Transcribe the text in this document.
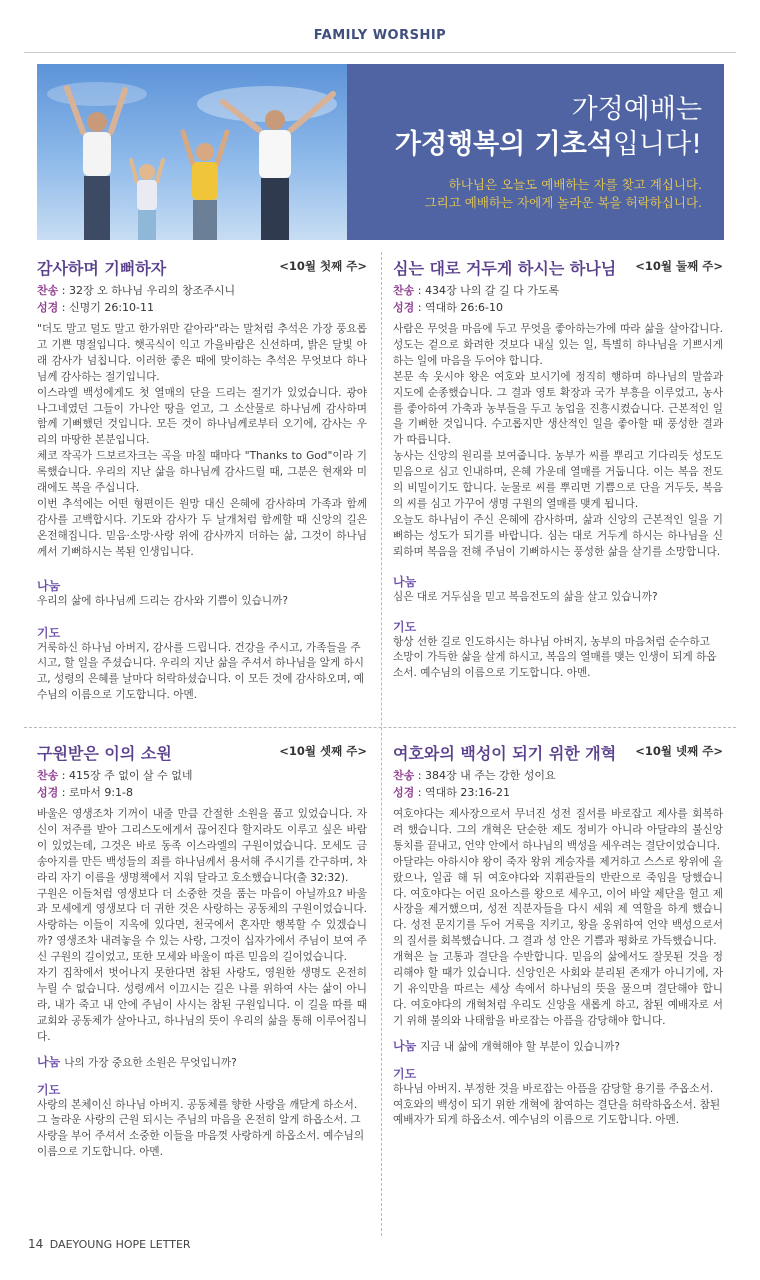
FAMILY WORSHIP
가정예배는
가정행복의 기초석입니다!
하나님은 오늘도 예배하는 자를 찾고 계십니다.
그리고 예배하는 자에게 놀라운 복을 허락하십니다.
감사하며 기뻐하자	<10월 첫째 주>
찬송 : 32장 오 하나님 우리의 창조주시니
성경 : 신명기 26:10-11

"더도 말고 덜도 말고 한가위만 같아라"라는 말처럼 추석은 가장 풍요롭고 기쁜 명절입니다. 햇곡식이 익고 가을바람은 신선하며, 밝은 달빛 아래 감사가 넘칩니다. 이러한 좋은 때에 맞이하는 추석은 무엇보다 하나님께 감사하는 절기입니다.

이스라엘 백성에게도 첫 열매의 단을 드리는 절기가 있었습니다. 광야 나그네였던 그들이 가나안 땅을 얻고, 그 소산물로 하나님께 감사하며 함께 기뻐했던 것입니다. 모든 것이 하나님께로부터 오기에, 감사는 우리의 마땅한 본분입니다.

체코 작곡가 드보르자크는 곡을 마칠 때마다 "Thanks to God"이라 기록했습니다. 우리의 지난 삶을 하나님께 감사드릴 때, 그분은 현재와 미래에도 복을 주십니다.

이번 추석에는 어떤 형편이든 원망 대신 은혜에 감사하며 가족과 함께 감사를 고백합시다. 기도와 감사가 두 날개처럼 함께할 때 신앙의 길은 온전해집니다. 믿음·소망·사랑 위에 감사까지 더하는 삶, 그것이 하나님께서 기뻐하시는 복된 인생입니다.

나눔
우리의 삶에 하나님께 드리는 감사와 기쁨이 있습니까?
기도
거룩하신 하나님 아버지, 감사를 드립니다. 건강을 주시고, 가족들을 주시고, 할 일을 주셨습니다. 우리의 지난 삶을 주셔서 하나님을 알게 하시고, 성령의 은혜를 날마다 허락하셨습니다. 이 모든 것에 감사하오며, 예수님의 이름으로 기도합니다. 아멘.
심는 대로 거두게 하시는 하나님 <10월 둘째 주>
찬송 : 434장 나의 갈 길 다 가도록
성경 : 역대하 26:6-10

사람은 무엇을 마음에 두고 무엇을 좋아하는가에 따라 삶을 살아갑니다. 성도는 겉으로 화려한 것보다 내실 있는 일, 특별히 하나님을 기쁘시게 하는 일에 마음을 두어야 합니다.

본문 속 웃시야 왕은 여호와 보시기에 정직히 행하며 하나님의 말씀과 지도에 순종했습니다. 그 결과 영토 확장과 국가 부흥을 이루었고, 농사를 좋아하여 가축과 농부들을 두고 농업을 진흥시켰습니다. 근본적인 일을 기뻐한 것입니다. 수고롭지만 생산적인 일을 좋아할 때 풍성한 결과가 따릅니다.

농사는 신앙의 원리를 보여줍니다. 농부가 씨를 뿌리고 기다리듯 성도도 믿음으로 심고 인내하며, 은혜 가운데 열매를 거둡니다. 이는 복음 전도의 비밀이기도 합니다. 눈물로 씨를 뿌리면 기쁨으로 단을 거두듯, 복음의 씨를 심고 가꾸어 생명 구원의 열매를 맺게 됩니다.

오늘도 하나님이 주신 은혜에 감사하며, 삶과 신앙의 근본적인 일을 기뻐하는 성도가 되기를 바랍니다. 심는 대로 거두게 하시는 하나님을 신뢰하며 복음을 전해 주님이 기뻐하시는 풍성한 삶을 살기를 소망합니다.

나눔
심은 대로 거두심을 믿고 복음전도의 삶을 살고 있습니까?
기도
항상 선한 길로 인도하시는 하나님 아버지, 농부의 마음처럼 순수하고 소망이 가득한 삶을 살게 하시고, 복음의 열매를 맺는 인생이 되게 하옵소서. 예수님의 이름으로 기도합니다. 아멘.
구원받은 이의 소원	<10월 셋째 주>
찬송 : 415장 주 없이 살 수 없네
성경 : 로마서 9:1-8

바울은 영생조차 기꺼이 내줄 만큼 간절한 소원을 품고 있었습니다. 자신이 저주를 받아 그리스도에게서 끊어진다 할지라도 이루고 싶은 바람이 있었는데, 그것은 바로 동족 이스라엘의 구원이었습니다. 모세도 금송아지를 만든 백성들의 죄를 하나님께서 용서해 주시기를 간구하며, 차라리 자기 이름을 생명책에서 지워 달라고 호소했습니다(출 32:32).

구원은 이들처럼 영생보다 더 소중한 것을 품는 마음이 아닐까요? 바울과 모세에게 영생보다 더 귀한 것은 사랑하는 공동체의 구원이었습니다. 사랑하는 이들이 지옥에 있다면, 천국에서 혼자만 행복할 수 있겠습니까? 영생조차 내려놓을 수 있는 사랑, 그것이 십자가에서 주님이 보여 주신 구원의 길이었고, 또한 모세와 바울이 따른 믿음의 길이었습니다.

자기 집착에서 벗어나지 못한다면 참된 사랑도, 영원한 생명도 온전히 누릴 수 없습니다. 성령께서 이끄시는 길은 나를 위하여 사는 삶이 아니라, 내가 죽고 내 안에 주님이 사시는 참된 구원입니다. 이 길을 따를 때 교회와 공동체가 살아나고, 하나님의 뜻이 우리의 삶을 통해 이루어집니다.

나눔 나의 가장 중요한 소원은 무엇입니까?
기도
사랑의 본체이신 하나님 아버지. 공동체를 향한 사랑을 깨닫게 하소서. 그 놀라운 사랑의 근원 되시는 주님의 마음을 온전히 알게 하옵소서. 그 사랑을 부어 주셔서 소중한 이들을 마음껏 사랑하게 하옵소서. 예수님의 이름으로 기도합니다. 아멘.
여호와의 백성이 되기 위한 개혁 <10월 넷째 주>
찬송 : 384장 내 주는 강한 성이요
성경 : 역대하 23:16-21

여호야다는 제사장으로서 무너진 성전 질서를 바로잡고 제사를 회복하려 했습니다. 그의 개혁은 단순한 제도 정비가 아니라 아달랴의 불신앙 통치를 끝내고, 언약 안에서 하나님의 백성을 세우려는 결단이었습니다.

아달랴는 아하시야 왕이 죽자 왕위 계승자를 제거하고 스스로 왕위에 올랐으나, 일곱 해 뒤 여호야다와 지휘관들의 반란으로 죽임을 당했습니다. 여호야다는 어린 요아스를 왕으로 세우고, 이어 바알 제단을 헐고 제사장을 제거했으며, 성전 직분자들을 다시 세워 제 역할을 하게 했습니다. 성전 문지기를 두어 거룩을 지키고, 왕을 옹위하여 언약 백성으로서의 질서를 회복했습니다. 그 결과 성 안은 기쁨과 평화로 가득했습니다.

개혁은 늘 고통과 결단을 수반합니다. 믿음의 삶에서도 잘못된 것을 정리해야 할 때가 있습니다. 신앙인은 사회와 분리된 존재가 아니기에, 자기 유익만을 따르는 세상 속에서 하나님의 뜻을 물으며 결단해야 합니다. 여호야다의 개혁처럼 우리도 신앙을 새롭게 하고, 참된 예배자로 서기 위해 불의와 나태함을 바로잡는 아픔을 감당해야 합니다.

나눔 지금 내 삶에 개혁해야 할 부분이 있습니까?
기도
하나님 아버지. 부정한 것을 바로잡는 아픔을 감당할 용기를 주옵소서. 여호와의 백성이 되기 위한 개혁에 참여하는 결단을 허락하옵소서. 참된 예배자가 되게 하옵소서. 예수님의 이름으로 기도합니다. 아멘.
14 DAEYOUNG HOPE LETTER
